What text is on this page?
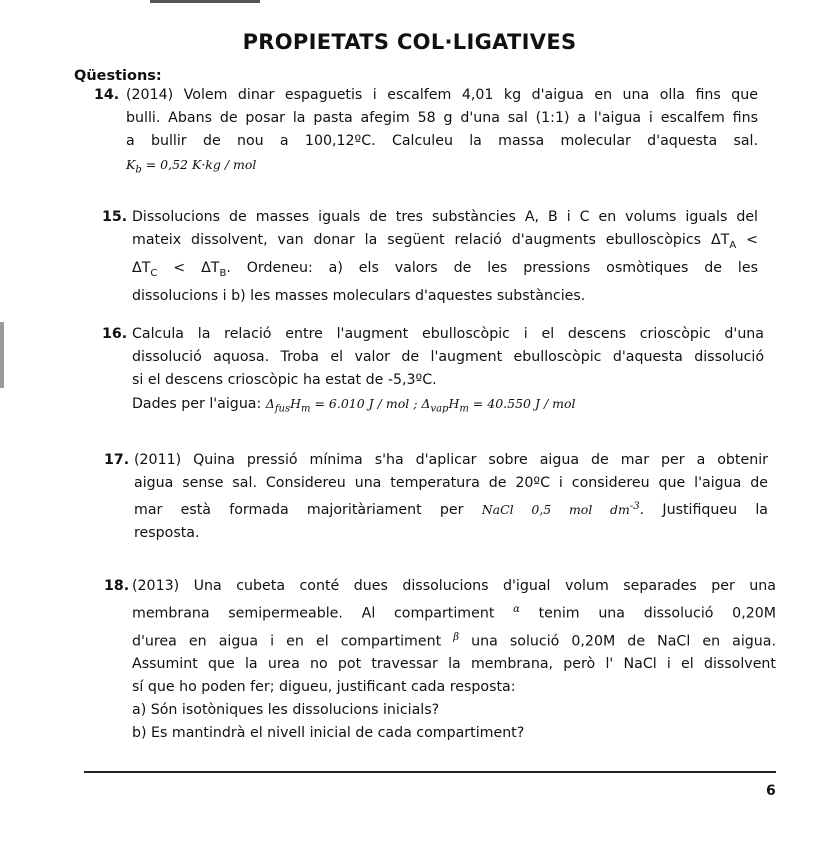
PROPIETATS COL·LIGATIVES
Qüestions:
14. (2014) Volem dinar espaguetis i escalfem 4,01 kg d'aigua en una olla fins que
bulli. Abans de posar la pasta afegim 58 g d'una sal (1:1) a l'aigua i escalfem fins
a bullir de nou a 100,12ºC. Calculeu la massa molecular d'aquesta sal.
$K_b = 0,52$ K·kg / mol
15. Dissolucions de masses iguals de tres substàncies A, B i C en volums iguals del
mateix dissolvent, van donar la següent relació d'augments ebulloscòpics $\Delta T_A$ <
$\Delta T_C < \Delta T_B$. Ordeneu: a) els valors de les pressions osmòtiques de les
dissolucions i b) les masses moleculars d'aquestes substàncies.
16. Calcula la relació entre l'augment ebulloscòpic i el descens crioscòpic d'una
dissolució aquosa. Troba el valor de l'augment ebulloscòpic d'aquesta dissolució
si el descens crioscòpic ha estat de -5,3ºC.
Dades per l'aigua: $\Delta_{fus}H_m = 6.010$ J / mol ; $\Delta_{vap}H_m = 40.550$ J / mol
17. (2011) Quina pressió mínima s'ha d'aplicar sobre aigua de mar per a obtenir
aigua sense sal. Considereu una temperatura de 20ºC i considereu que l'aigua de
mar està formada majoritàriament per NaCl 0,5 mol $dm^{-3}$. Justifiqueu la
resposta.
18. (2013) Una cubeta conté dues dissolucions d'igual volum separades per una
membrana semipermeable. Al compartiment $^\alpha$ tenim una dissolució 0,20M
d'urea en aigua i en el compartiment $^\beta$ una solució 0,20M de NaCl en aigua.
Assumint que la urea no pot travessar la membrana, però l' NaCl i el dissolvent
sí que ho poden fer; digueu, justificant cada resposta:
a) Són isotòniques les dissolucions inicials?
b) Es mantindrà el nivell inicial de cada compartiment?
6
